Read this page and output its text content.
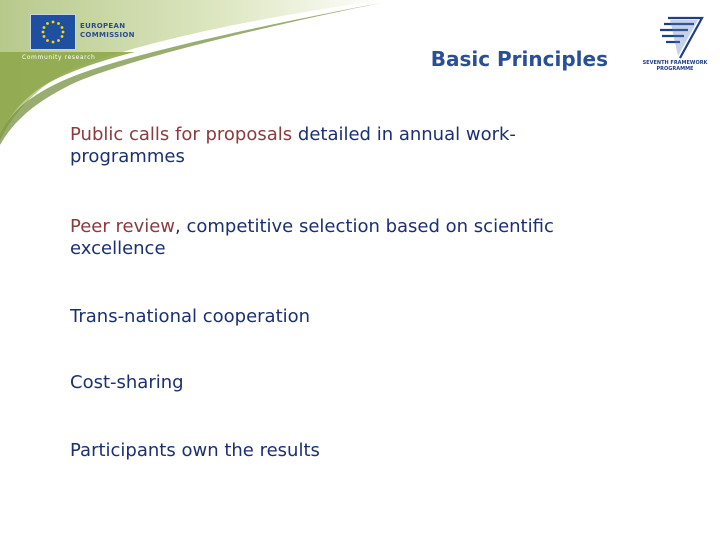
EUROPEAN
COMMISSION
Community research	Basic Principles	SEVENTH FRAMEWORK
PROGRAMME
Public calls for proposals detailed in annual work-programmes
Peer review, competitive selection based on scientific excellence
Trans-national cooperation
Cost-sharing
Participants own the results
